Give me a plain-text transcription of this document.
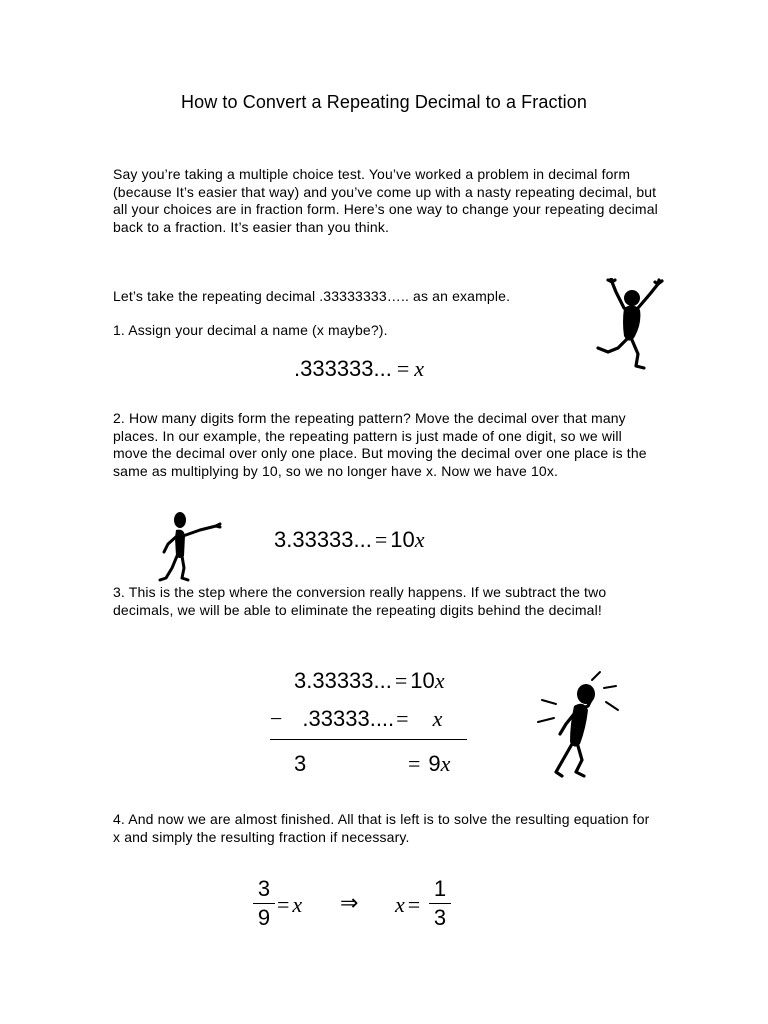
How to Convert a Repeating Decimal to a Fraction

Say you’re taking a multiple choice test. You’ve worked a problem in decimal form (because It’s easier that way) and you’ve come up with a nasty repeating decimal, but all your choices are in fraction form. Here’s one way to change your repeating decimal back to a fraction. It’s easier than you think.

Let’s take the repeating decimal .33333333….. as an example.

1. Assign your decimal a name (x maybe?).

.333333... = x

2. How many digits form the repeating pattern? Move the decimal over that many places. In our example, the repeating pattern is just made of one digit, so we will move the decimal over only one place. But moving the decimal over one place is the same as multiplying by 10, so we no longer have x. Now we have 10x.

3.33333... = 10x

3. This is the step where the conversion really happens. If we subtract the two decimals, we will be able to eliminate the repeating digits behind the decimal!

3.33333... = 10x
− .33333....= x
3	= 9x

4. And now we are almost finished. All that is left is to solve the resulting equation for x and simply the resulting fraction if necessary.

3
9
= x ⇒ x =
1
3
